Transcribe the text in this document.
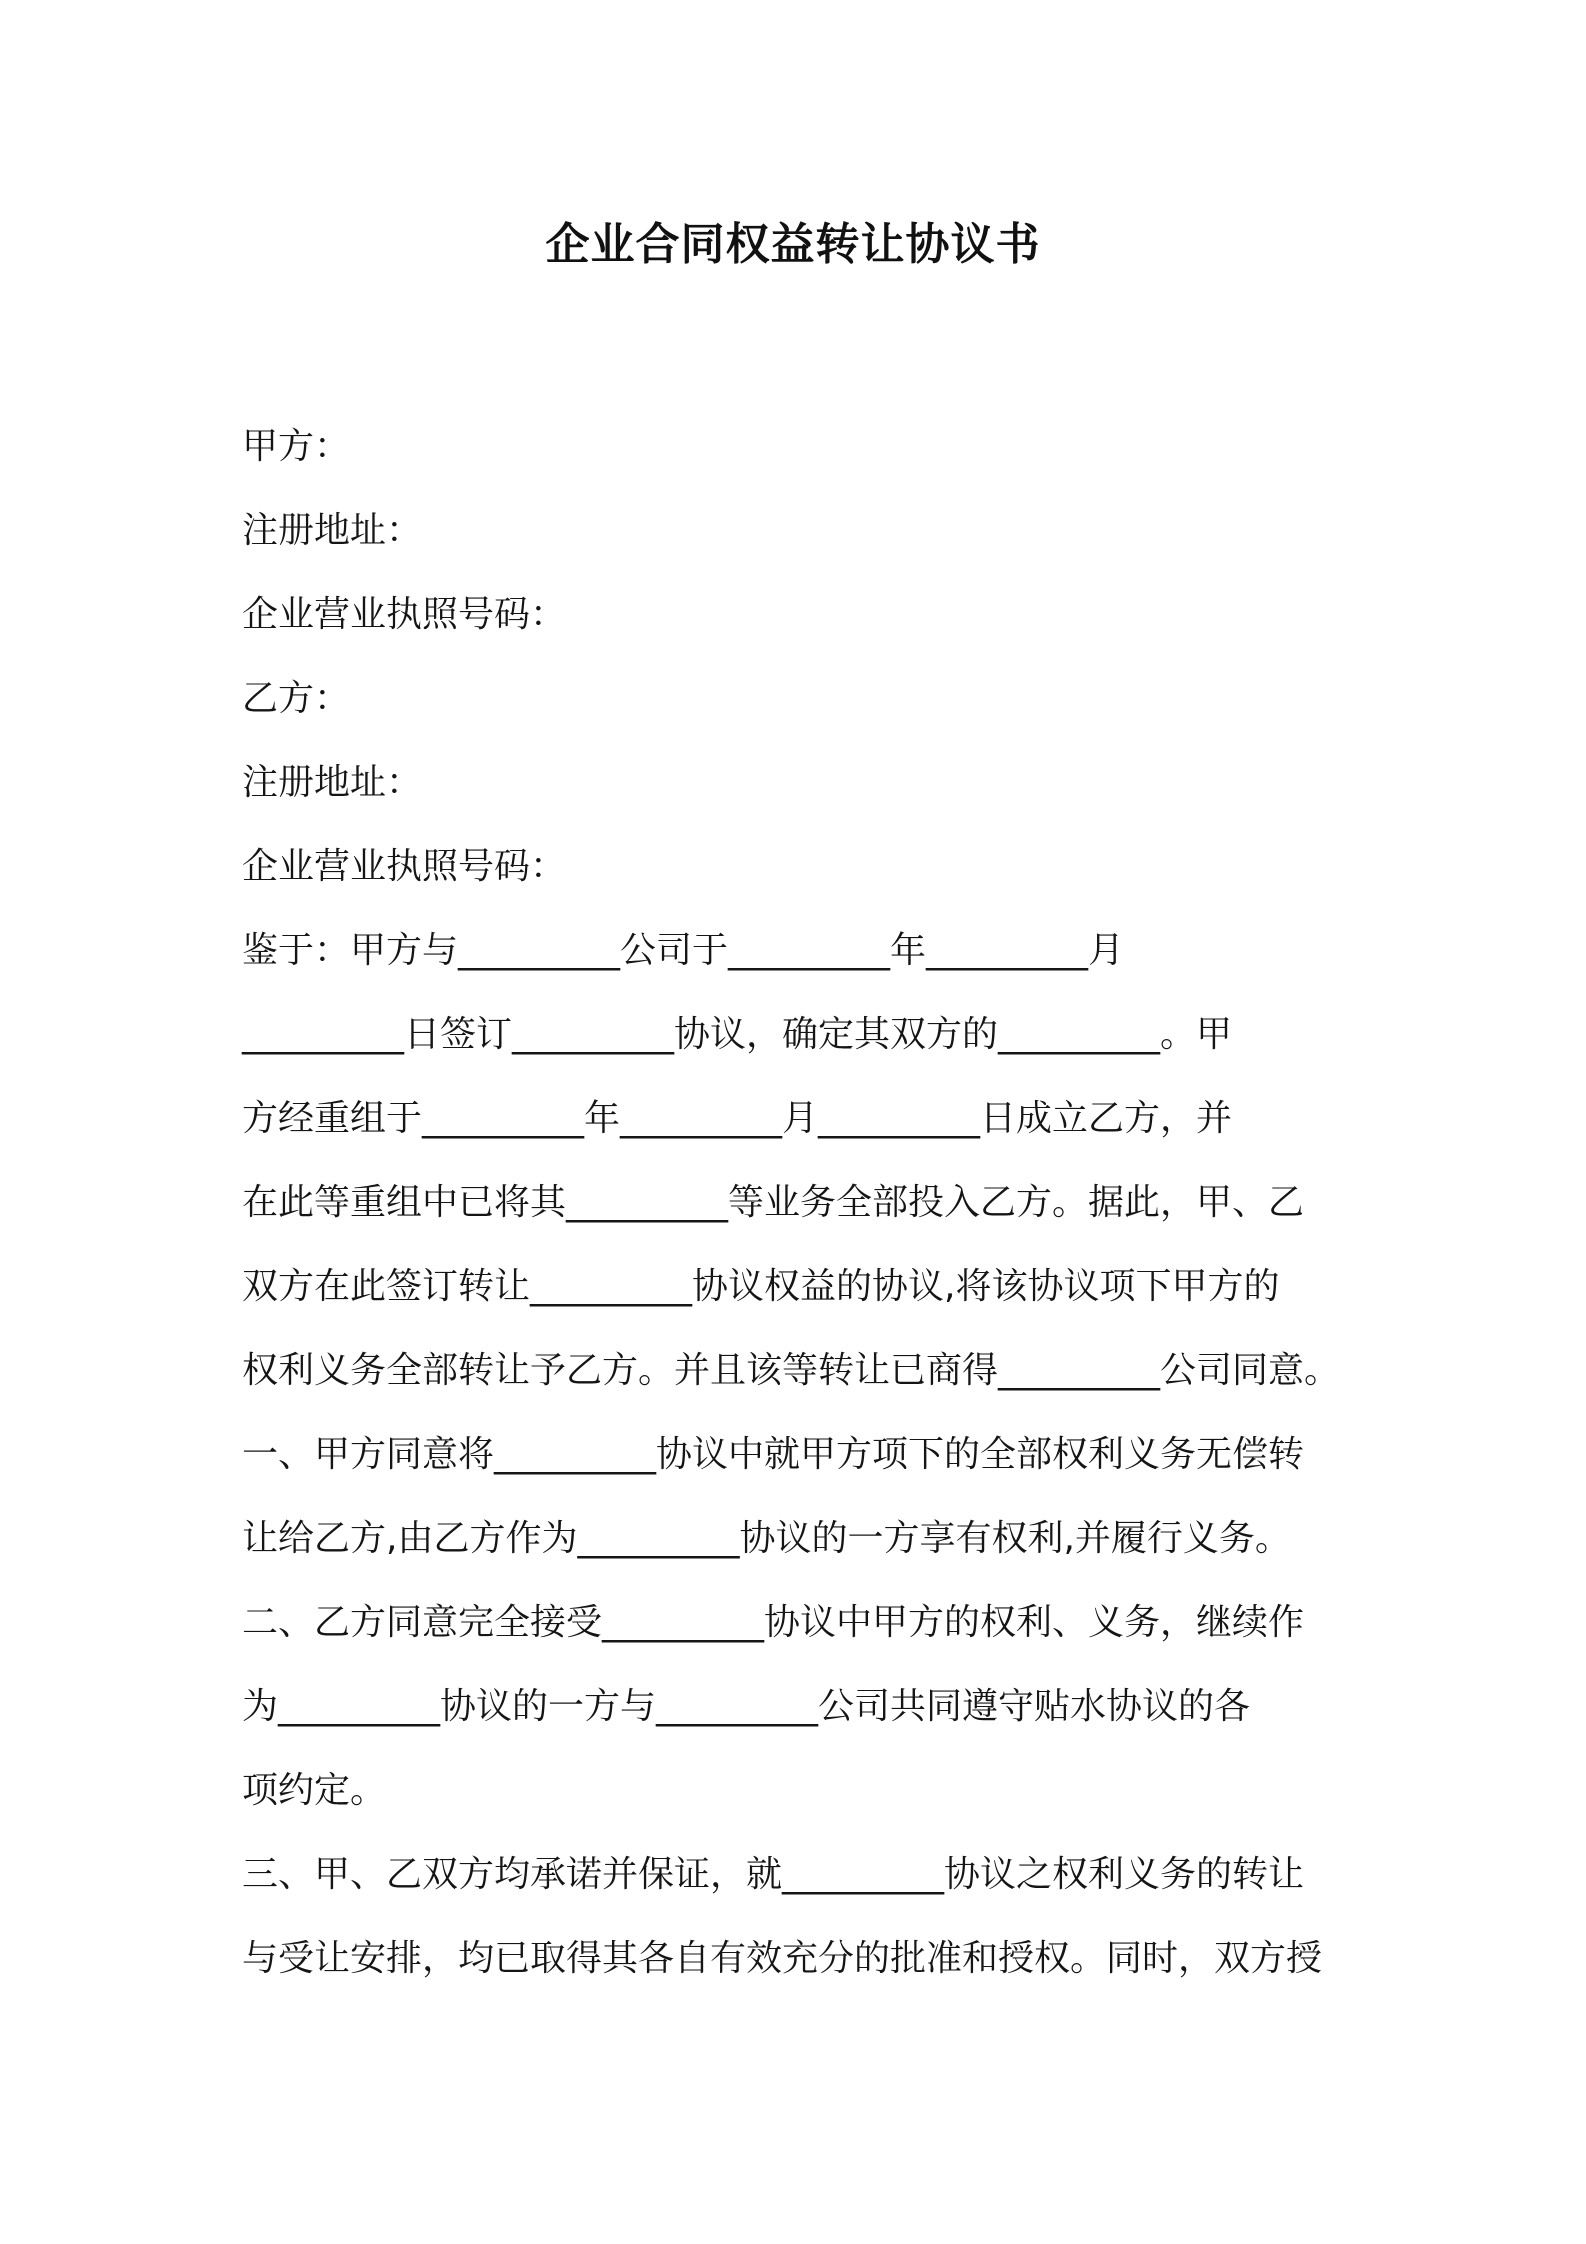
企业合同权益转让协议书
甲方：
注册地址：
企业营业执照号码：
乙方：
注册地址：
企业营业执照号码：
鉴于：甲方与_________公司于_________年_________月
_________日签订_________协议，确定其双方的_________。甲
方经重组于_________年_________月_________日成立乙方，并
在此等重组中已将其_________等业务全部投入乙方。据此，甲、乙
双方在此签订转让_________协议权益的协议,将该协议项下甲方的
权利义务全部转让予乙方。并且该等转让已商得_________公司同意。
一、甲方同意将_________协议中就甲方项下的全部权利义务无偿转
让给乙方,由乙方作为_________协议的一方享有权利,并履行义务。
二、乙方同意完全接受_________协议中甲方的权利、义务，继续作
为_________协议的一方与_________公司共同遵守贴水协议的各
项约定。
三、甲、乙双方均承诺并保证，就_________协议之权利义务的转让
与受让安排，均已取得其各自有效充分的批准和授权。同时，双方授
